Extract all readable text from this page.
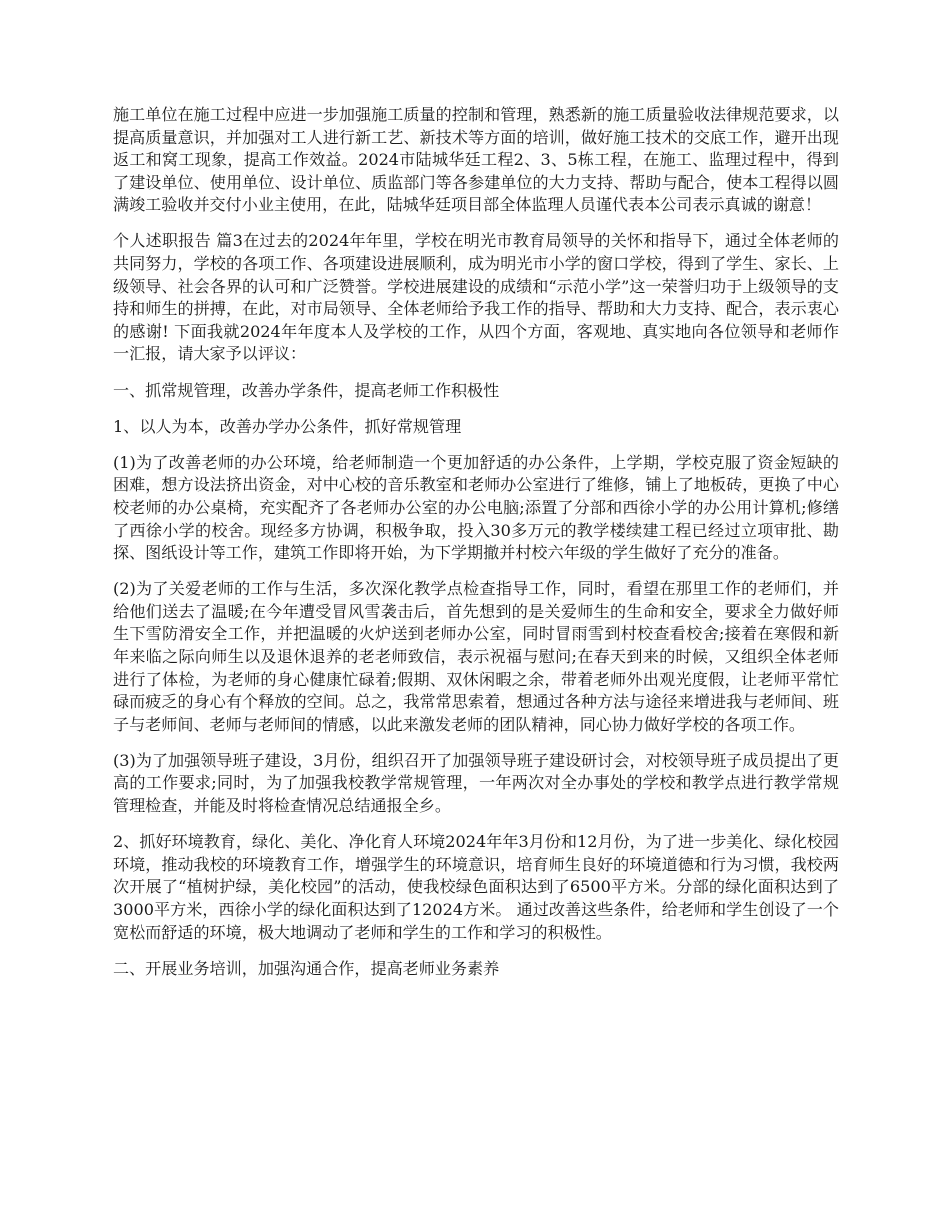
施工单位在施工过程中应进一步加强施工质量的控制和管理，熟悉新的施工质量验收法律规范要求，以提高质量意识，并加强对工人进行新工艺、新技术等方面的培训，做好施工技术的交底工作，避开出现返工和窝工现象，提高工作效益。2024市陆城华廷工程2、3、5栋工程，在施工、监理过程中，得到了建设单位、使用单位、设计单位、质监部门等各参建单位的大力支持、帮助与配合，使本工程得以圆满竣工验收并交付小业主使用，在此，陆城华廷项目部全体监理人员谨代表本公司表示真诚的谢意！

个人述职报告 篇3在过去的2024年年里，学校在明光市教育局领导的关怀和指导下，通过全体老师的共同努力，学校的各项工作、各项建设进展顺利，成为明光市小学的窗口学校，得到了学生、家长、上级领导、社会各界的认可和广泛赞誉。学校进展建设的成绩和“示范小学”这一荣誉归功于上级领导的支持和师生的拼搏，在此，对市局领导、全体老师给予我工作的指导、帮助和大力支持、配合，表示衷心的感谢! 下面我就2024年年度本人及学校的工作，从四个方面，客观地、真实地向各位领导和老师作一汇报，请大家予以评议：

一、抓常规管理，改善办学条件，提高老师工作积极性

1、以人为本，改善办学办公条件，抓好常规管理

(1)为了改善老师的办公环境，给老师制造一个更加舒适的办公条件，上学期，学校克服了资金短缺的困难，想方设法挤出资金，对中心校的音乐教室和老师办公室进行了维修，铺上了地板砖，更换了中心校老师的办公桌椅，充实配齐了各老师办公室的办公电脑;添置了分部和西徐小学的办公用计算机;修缮了西徐小学的校舍。现经多方协调，积极争取，投入30多万元的教学楼续建工程已经过立项审批、勘探、图纸设计等工作，建筑工作即将开始，为下学期撤并村校六年级的学生做好了充分的准备。

(2)为了关爱老师的工作与生活，多次深化教学点检查指导工作，同时，看望在那里工作的老师们，并给他们送去了温暖;在今年遭受冒风雪袭击后，首先想到的是关爱师生的生命和安全，要求全力做好师生下雪防滑安全工作，并把温暖的火炉送到老师办公室，同时冒雨雪到村校查看校舍;接着在寒假和新年来临之际向师生以及退休退养的老老师致信，表示祝福与慰问;在春天到来的时候，又组织全体老师进行了体检，为老师的身心健康忙碌着;假期、双休闲暇之余，带着老师外出观光度假，让老师平常忙碌而疲乏的身心有个释放的空间。总之，我常常思索着，想通过各种方法与途径来增进我与老师间、班子与老师间、老师与老师间的情感，以此来激发老师的团队精神，同心协力做好学校的各项工作。

(3)为了加强领导班子建设，3月份，组织召开了加强领导班子建设研讨会，对校领导班子成员提出了更高的工作要求;同时，为了加强我校教学常规管理，一年两次对全办事处的学校和教学点进行教学常规管理检查，并能及时将检查情况总结通报全乡。

2、抓好环境教育，绿化、美化、净化育人环境2024年年3月份和12月份，为了进一步美化、绿化校园环境，推动我校的环境教育工作，增强学生的环境意识，培育师生良好的环境道德和行为习惯，我校两次开展了“植树护绿，美化校园”的活动，使我校绿色面积达到了6500平方米。分部的绿化面积达到了3000平方米，西徐小学的绿化面积达到了12024方米。 通过改善这些条件，给老师和学生创设了一个宽松而舒适的环境，极大地调动了老师和学生的工作和学习的积极性。

二、开展业务培训，加强沟通合作，提高老师业务素养
